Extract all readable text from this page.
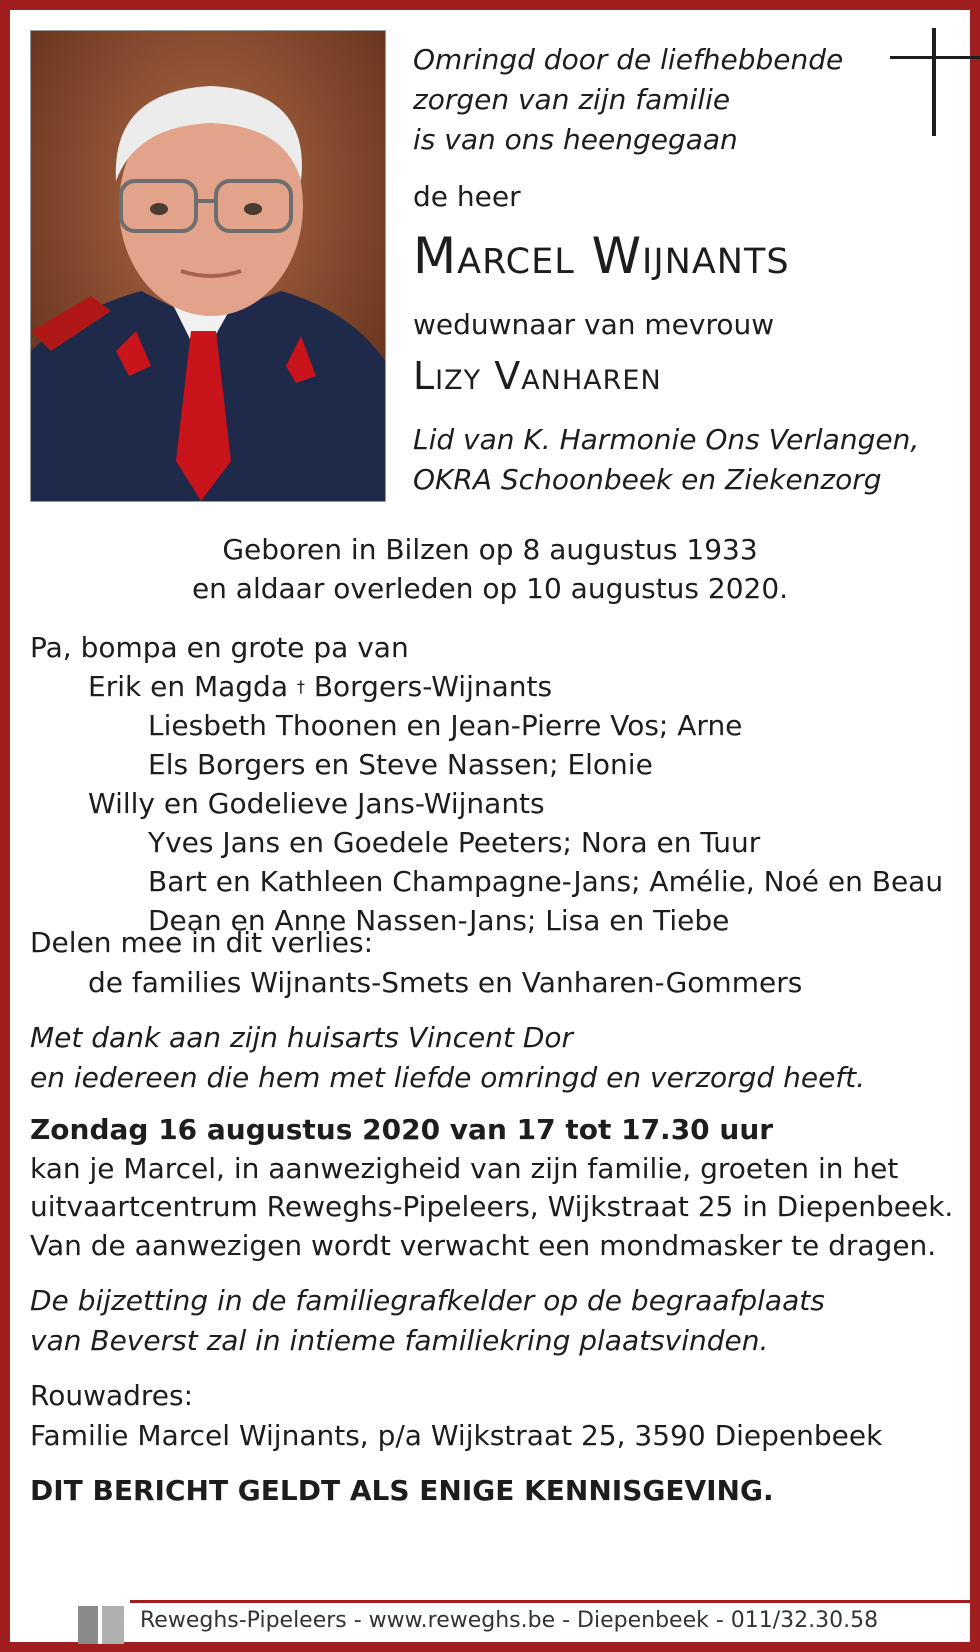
Omringd door de liefhebbende
zorgen van zijn familie
is van ons heengegaan
de heer
Marcel Wijnants
weduwnaar van mevrouw
Lizy Vanharen
Lid van K. Harmonie Ons Verlangen,
OKRA Schoonbeek en Ziekenzorg
Geboren in Bilzen op 8 augustus 1933
en aldaar overleden op 10 augustus 2020.
Pa, bompa en grote pa van
Erik en Magda † Borgers-Wijnants
Liesbeth Thoonen en Jean-Pierre Vos; Arne
Els Borgers en Steve Nassen; Elonie
Willy en Godelieve Jans-Wijnants
Yves Jans en Goedele Peeters; Nora en Tuur
Bart en Kathleen Champagne-Jans; Amélie, Noé en Beau
Dean en Anne Nassen-Jans; Lisa en Tiebe
Delen mee in dit verlies:
de families Wijnants-Smets en Vanharen-Gommers
Met dank aan zijn huisarts Vincent Dor
en iedereen die hem met liefde omringd en verzorgd heeft.
Zondag 16 augustus 2020 van 17 tot 17.30 uur
kan je Marcel, in aanwezigheid van zijn familie, groeten in het
uitvaartcentrum Reweghs-Pipeleers, Wijkstraat 25 in Diepenbeek.
Van de aanwezigen wordt verwacht een mondmasker te dragen.
De bijzetting in de familiegrafkelder op de begraafplaats
van Beverst zal in intieme familiekring plaatsvinden.
Rouwadres:
Familie Marcel Wijnants, p/a Wijkstraat 25, 3590 Diepenbeek
DIT BERICHT GELDT ALS ENIGE KENNISGEVING.
Reweghs-Pipeleers - www.reweghs.be - Diepenbeek - 011/32.30.58
